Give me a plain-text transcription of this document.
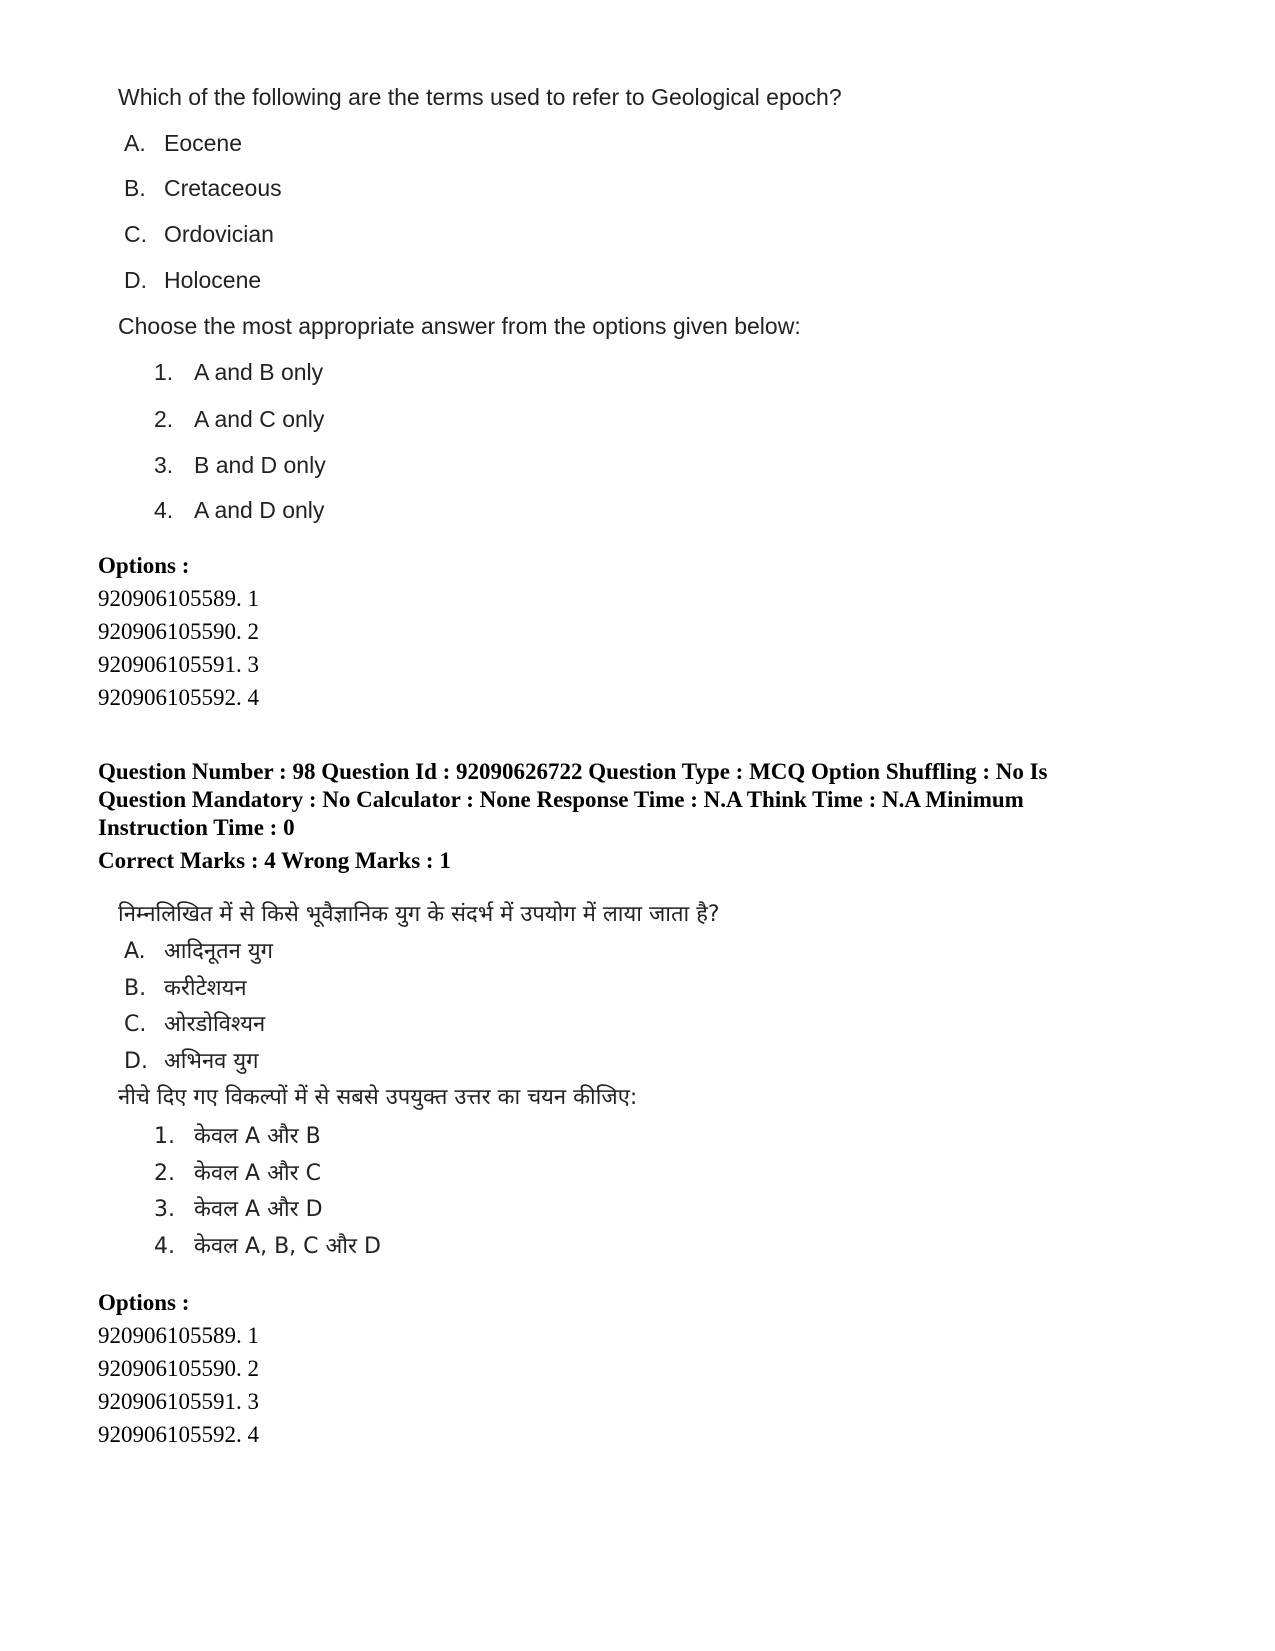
Which of the following are the terms used to refer to Geological epoch?
A. Eocene
B. Cretaceous
C. Ordovician
D. Holocene
Choose the most appropriate answer from the options given below:
1. A and B only
2. A and C only
3. B and D only
4. A and D only
Options :
920906105589. 1
920906105590. 2
920906105591. 3
920906105592. 4
Question Number : 98 Question Id : 92090626722 Question Type : MCQ Option Shuffling : No Is
Question Mandatory : No Calculator : None Response Time : N.A Think Time : N.A Minimum
Instruction Time : 0
Correct Marks : 4 Wrong Marks : 1
निम्नलिखित में से किसे भूवैज्ञानिक युग के संदर्भ में उपयोग में लाया जाता है?
A. आदिनूतन युग
B. करीटेशयन
C. ओरडोविश्यन
D. अभिनव युग
नीचे दिए गए विकल्पों में से सबसे उपयुक्त उत्तर का चयन कीजिए:
1. केवल A और B
2. केवल A और C
3. केवल A और D
4. केवल A, B, C और D
Options :
920906105589. 1
920906105590. 2
920906105591. 3
920906105592. 4
